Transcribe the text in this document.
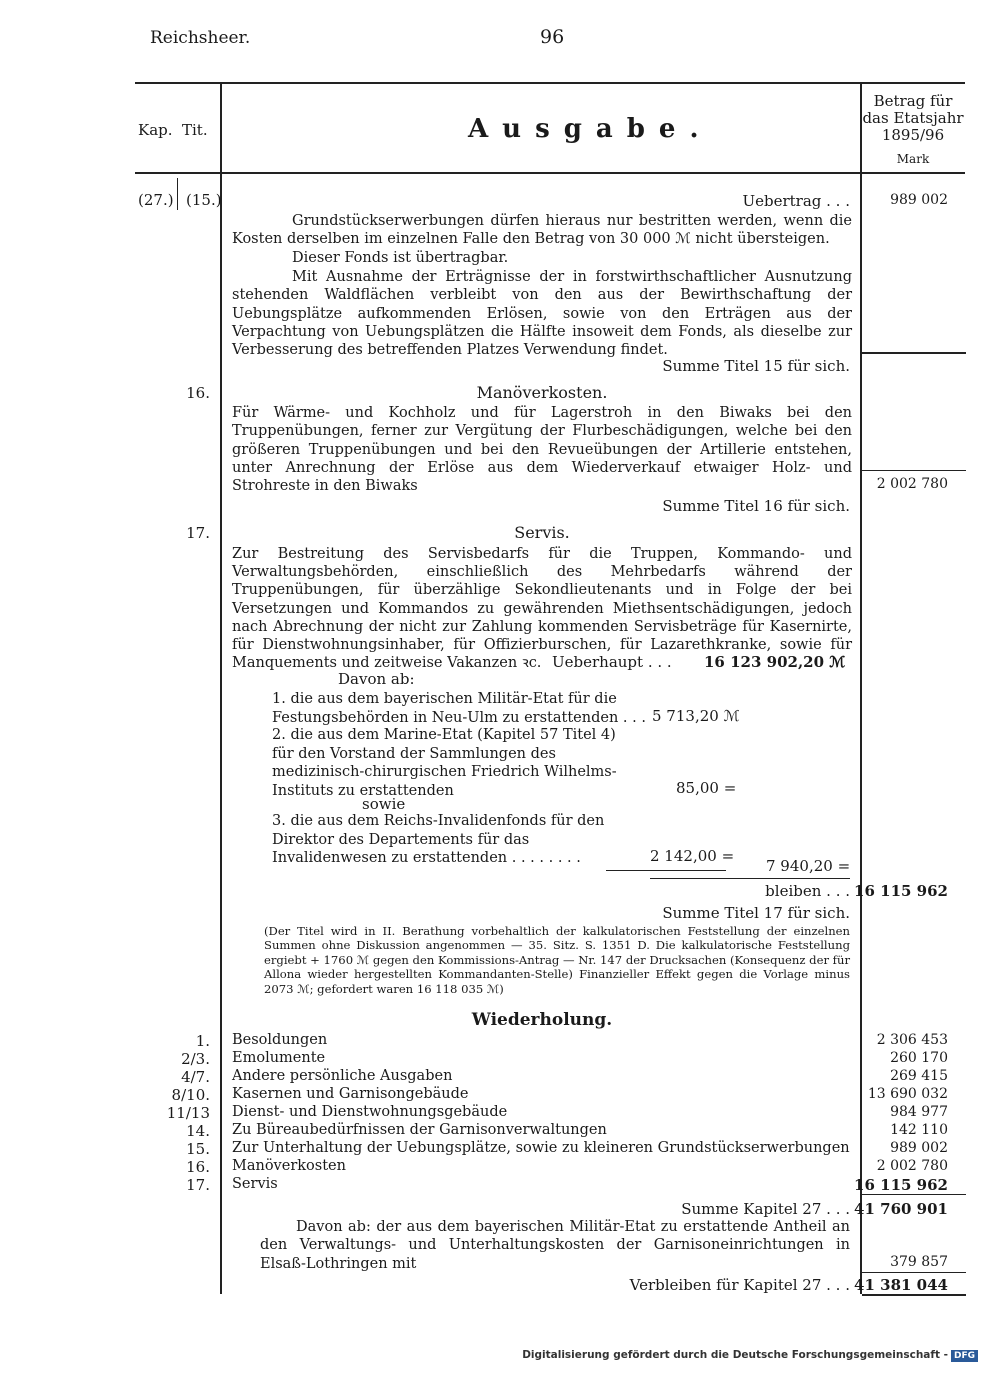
Reichsheer.	96
Kap. Tit.	Ausgabe.
Betrag für
das Etatsjahr
1895/96
Mark
(27.) (15.)	Uebertrag . . .	989 002
Grundstückserwerbungen dürfen hieraus nur bestritten werden, wenn die Kosten derselben im einzelnen Falle den Betrag von 30 000 ℳ nicht übersteigen.
Dieser Fonds ist übertragbar.
Mit Ausnahme der Erträgnisse der in forstwirthschaftlicher Ausnutzung stehenden Waldflächen verbleibt von den aus der Bewirthschaftung der Uebungsplätze aufkommenden Erlösen, sowie von den Erträgen aus der Verpachtung von Uebungsplätzen die Hälfte insoweit dem Fonds, als dieselbe zur Verbesserung des betreffenden Platzes Verwendung findet.
Summe Titel 15 für sich.
16.	Manöverkosten.
Für Wärme- und Kochholz und für Lagerstroh in den Biwaks bei den Truppenübungen, ferner zur Vergütung der Flurbeschädigungen, welche bei den größeren Truppenübungen und bei den Revueübungen der Artillerie entstehen, unter Anrechnung der Erlöse aus dem Wiederverkauf etwaiger Holz- und Strohreste in den Biwaks	2 002 780
Summe Titel 16 für sich.
17.	Servis.
Zur Bestreitung des Servisbedarfs für die Truppen, Kommando- und Verwaltungsbehörden, einschließlich des Mehrbedarfs während der Truppenübungen, für überzählige Sekondlieutenants und in Folge der bei Versetzungen und Kommandos zu gewährenden Miethsentschädigungen, jedoch nach Abrechnung der nicht zur Zahlung kommenden Servisbeträge für Kasernirte, für Dienstwohnungsinhaber, für Offizierburschen, für Lazarethkranke, sowie für Manquements und zeitweise Vakanzen ꝛc. Ueberhaupt . . . 16 123 902,20 ℳ
Davon ab:
1. die aus dem bayerischen Militär-Etat für die Festungsbehörden in Neu-Ulm zu erstattenden . . . 5 713,20 ℳ
2. die aus dem Marine-Etat (Kapitel 57 Titel 4) für den Vorstand der Sammlungen des medizinisch-chirurgischen Friedrich Wilhelms-Instituts zu erstattenden	85,00 =
sowie
3. die aus dem Reichs-Invalidenfonds für den Direktor des Departements für das Invalidenwesen zu erstattenden . . . . . . . .	2 142,00 =
7 940,20 =
bleiben . . . 16 115 962
Summe Titel 17 für sich.
(Der Titel wird in II. Berathung vorbehaltlich der kalkulatorischen Feststellung der einzelnen Summen ohne Diskussion angenommen — 35. Sitz. S. 1351 D. Die kalkulatorische Feststellung ergiebt + 1760 ℳ gegen den Kommissions-Antrag — Nr. 147 der Drucksachen (Konsequenz der für Allona wieder hergestellten Kommandanten-Stelle) Finanzieller Effekt gegen die Vorlage minus 2073 ℳ; gefordert waren 16 118 035 ℳ)
Wiederholung.
1. Besoldungen	2 306 453
2/3. Emolumente	260 170
4/7. Andere persönliche Ausgaben	269 415
8/10. Kasernen und Garnisongebäude	13 690 032
11/13 Dienst- und Dienstwohnungsgebäude	984 977
14. Zu Büreaubedürfnissen der Garnisonverwaltungen	142 110
15. Zur Unterhaltung der Uebungsplätze, sowie zu kleineren Grundstückserwerbungen	989 002
16. Manöverkosten	2 002 780
17. Servis	16 115 962
Summe Kapitel 27 . . . 41 760 901
Davon ab: der aus dem bayerischen Militär-Etat zu erstattende Antheil an den Verwaltungs- und Unterhaltungskosten der Garnisoneinrichtungen in Elsaß-Lothringen mit	379 857
Verbleiben für Kapitel 27 . . . 41 381 044
Digitalisierung gefördert durch die Deutsche Forschungsgemeinschaft - DFG
